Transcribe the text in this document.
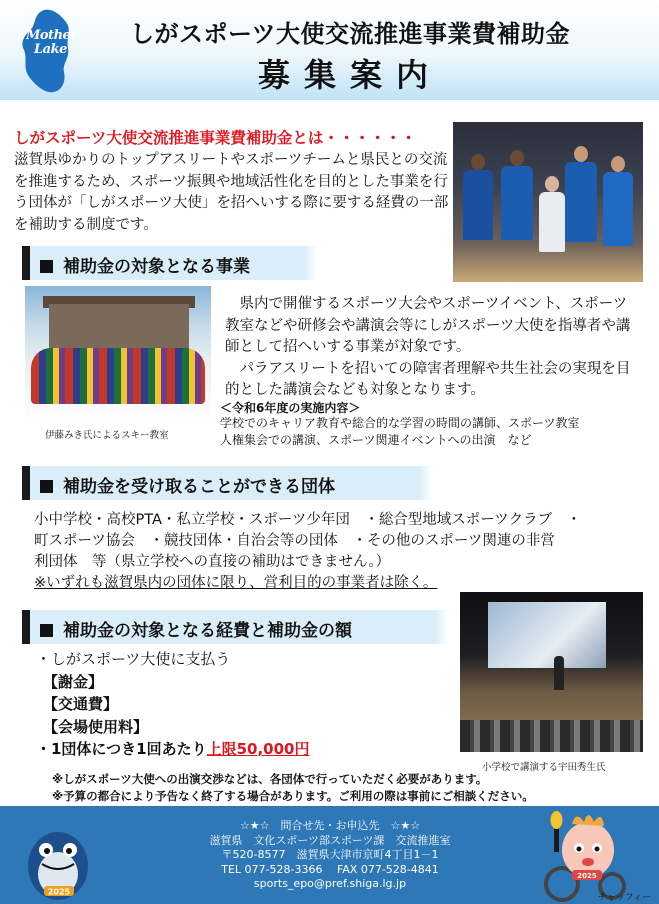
Mother
Lake
しがスポーツ大使交流推進事業費補助金
募集案内
しがスポーツ大使交流推進事業費補助金とは・・・・・・
滋賀県ゆかりのトップアスリートやスポーツチームと県民との交流を推進するため、スポーツ振興や地域活性化を目的とした事業を行う団体が「しがスポーツ大使」を招へいする際に要する経費の一部を補助する制度です。
補助金の対象となる事業
伊藤みき氏によるスキー教室

県内で開催するスポーツ大会やスポーツイベント、スポーツ教室などや研修会や講演会等にしがスポーツ大使を指導者や講師として招へいする事業が対象です。

パラアスリートを招いての障害者理解や共生社会の実現を目的とした講演会なども対象となります。

＜令和6年度の実施内容＞
学校でのキャリア教育や総合的な学習の時間の講師、スポーツ教室
人権集会での講演、スポーツ関連イベントへの出演　など
補助金を受け取ることができる団体
小中学校・高校PTA・私立学校・スポーツ少年団　・総合型地域スポーツクラブ　・
町スポーツ協会　・競技団体・自治会等の団体　・その他のスポーツ関連の非営
利団体　等（県立学校への直接の補助はできません。）
※いずれも滋賀県内の団体に限り、営利目的の事業者は除く。
補助金の対象となる経費と補助金の額
小学校で講演する宇田秀生氏
・しがスポーツ大使に支払う
【謝金】
【交通費】
【会場使用料】
・1団体につき1回あたり上限50,000円
※しがスポーツ大使への出演交渉などは、各団体で行っていただく必要があります。
※予算の都合により予告なく終了する場合があります。ご利用の際は事前にご相談ください。
2025
☆★☆　問合せ先・お申込先　☆★☆
滋賀県　文化スポーツ部スポーツ課　交流推進室
〒520-8577　滋賀県大津市京町4丁目1－1
TEL 077-528-3366　 FAX 077-528-4841
sports_epo@pref.shiga.lg.jp
2025
チャッフィー
